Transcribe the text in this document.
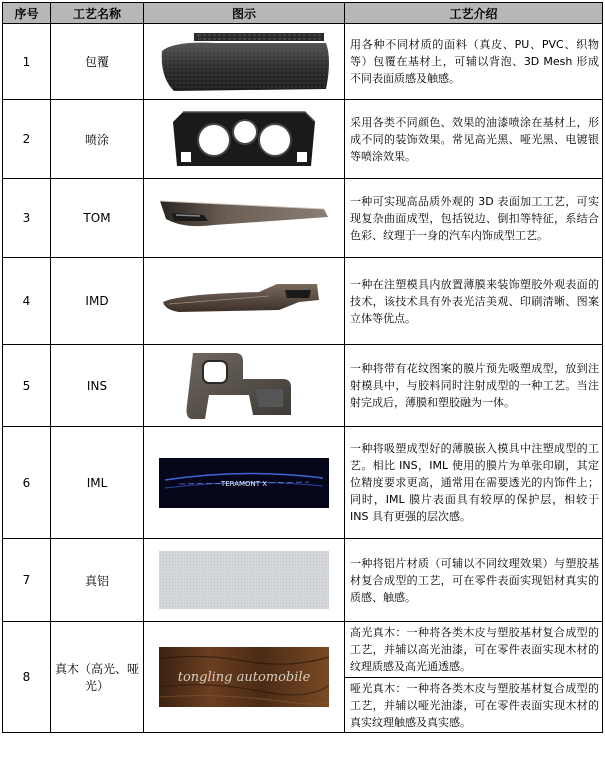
序号	工艺名称	图示	工艺介绍
1	包覆		用各种不同材质的面料（真皮、PU、PVC、织物等）包覆在基材上，可辅以背泡、3D Mesh 形成不同表面质感及触感。
2	喷涂		采用各类不同颜色、效果的油漆喷涂在基材上，形成不同的装饰效果。常见高光黑、哑光黑、电镀银等喷涂效果。
3	TOM		一种可实现高品质外观的 3D 表面加工工艺，可实现复杂曲面成型，包括锐边、倒扣等特征，系结合色彩、纹理于一身的汽车内饰成型工艺。
4	IMD		一种在注塑模具内放置薄膜来装饰塑胶外观表面的技术，该技术具有外表光洁美观、印刷清晰、图案立体等优点。
5	INS		一种将带有花纹图案的膜片预先吸塑成型，放到注射模具中，与胶料同时注射成型的一种工艺。当注射完成后，薄膜和塑胶融为一体。
6	IML	TERAMONT X	一种将吸塑成型好的薄膜嵌入模具中注塑成型的工艺。相比 INS，IML 使用的膜片为单张印刷，其定位精度要求更高，通常用在需要透光的内饰件上；同时，IML 膜片表面具有较厚的保护层，相较于 INS 具有更强的层次感。
7	真铝		一种将铝片材质（可辅以不同纹理效果）与塑胶基材复合成型的工艺，可在零件表面实现铝材真实的质感、触感。
8	真木（高光、哑光）	tongling automobile	高光真木：一种将各类木皮与塑胶基材复合成型的工艺，并辅以高光油漆，可在零件表面实现木材的纹理质感及高光通透感。
			哑光真木：一种将各类木皮与塑胶基材复合成型的工艺，并辅以哑光油漆，可在零件表面实现木材的真实纹理触感及真实感。
